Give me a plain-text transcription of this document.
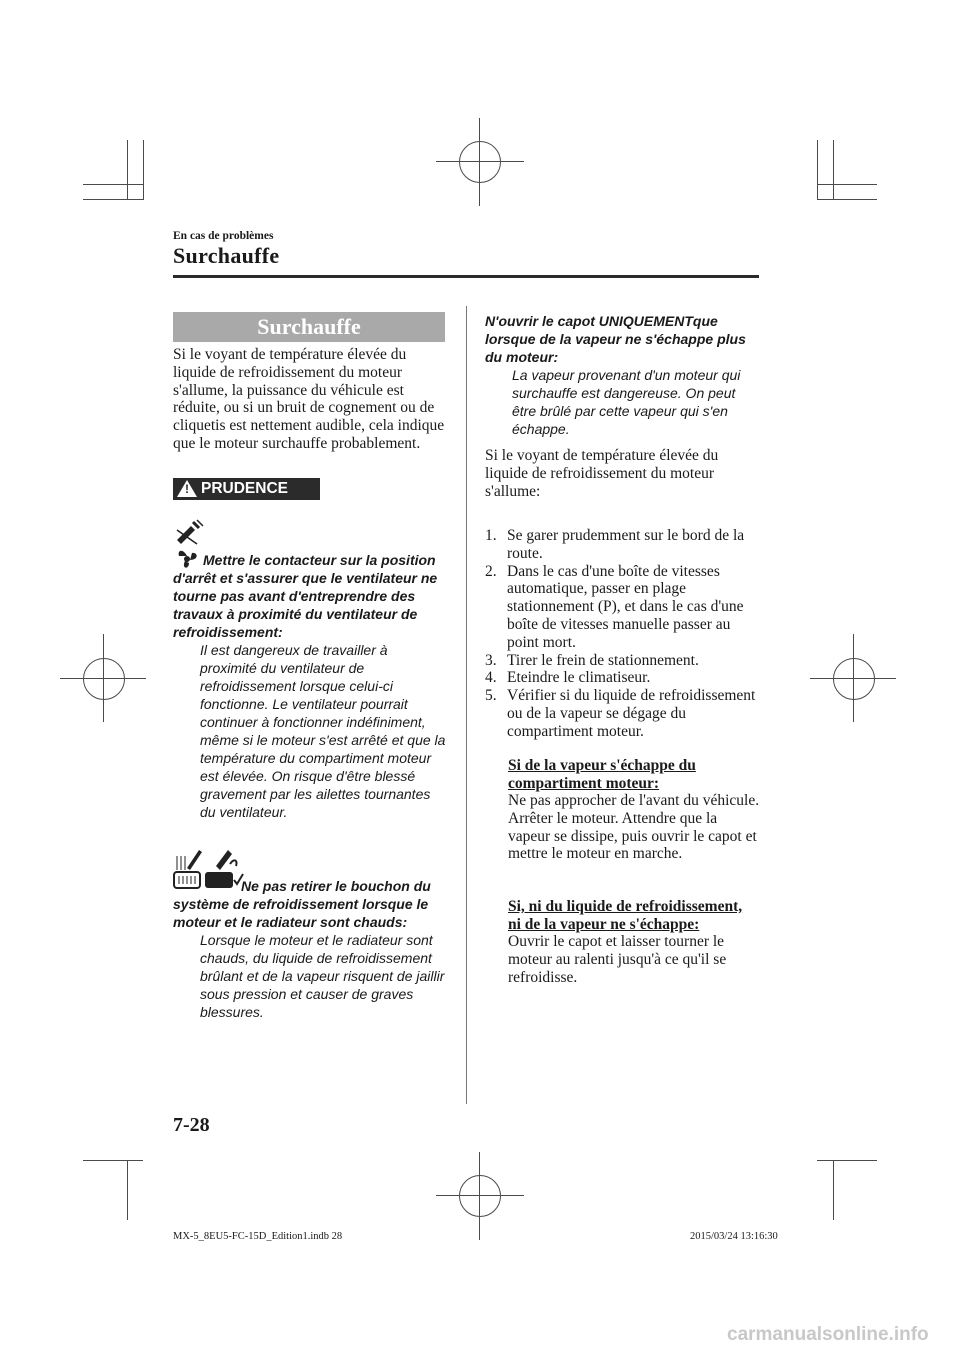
En cas de problèmes
Surchauffe
Surchauffe
Si le voyant de température élevée du liquide de refroidissement du moteur s'allume, la puissance du véhicule est réduite, ou si un bruit de cognement ou de cliquetis est nettement audible, cela indique que le moteur surchauffe probablement.
! PRUDENCE
Mettre le contacteur sur la position d'arrêt et s'assurer que le ventilateur ne tourne pas avant d'entreprendre des travaux à proximité du ventilateur de refroidissement:
Il est dangereux de travailler à proximité du ventilateur de refroidissement lorsque celui-ci fonctionne. Le ventilateur pourrait continuer à fonctionner indéfiniment, même si le moteur s'est arrêté et que la température du compartiment moteur est élevée. On risque d'être blessé gravement par les ailettes tournantes du ventilateur.
Ne pas retirer le bouchon du système de refroidissement lorsque le moteur et le radiateur sont chauds:
Lorsque le moteur et le radiateur sont chauds, du liquide de refroidissement brûlant et de la vapeur risquent de jaillir sous pression et causer de graves blessures.
N'ouvrir le capot UNIQUEMENTque lorsque de la vapeur ne s'échappe plus du moteur:
La vapeur provenant d'un moteur qui surchauffe est dangereuse. On peut être brûlé par cette vapeur qui s'en échappe.
Si le voyant de température élevée du liquide de refroidissement du moteur s'allume:
1. Se garer prudemment sur le bord de la route.
2. Dans le cas d'une boîte de vitesses automatique, passer en plage stationnement (P), et dans le cas d'une boîte de vitesses manuelle passer au point mort.
3. Tirer le frein de stationnement.
4. Eteindre le climatiseur.
5. Vérifier si du liquide de refroidissement ou de la vapeur se dégage du compartiment moteur.
Si de la vapeur s'échappe du compartiment moteur:
Ne pas approcher de l'avant du véhicule. Arrêter le moteur. Attendre que la vapeur se dissipe, puis ouvrir le capot et mettre le moteur en marche.
Si, ni du liquide de refroidissement, ni de la vapeur ne s'échappe:
Ouvrir le capot et laisser tourner le moteur au ralenti jusqu'à ce qu'il se refroidisse.
7-28
MX-5_8EU5-FC-15D_Edition1.indb 28	2015/03/24 13:16:30
carmanualsonline.info
